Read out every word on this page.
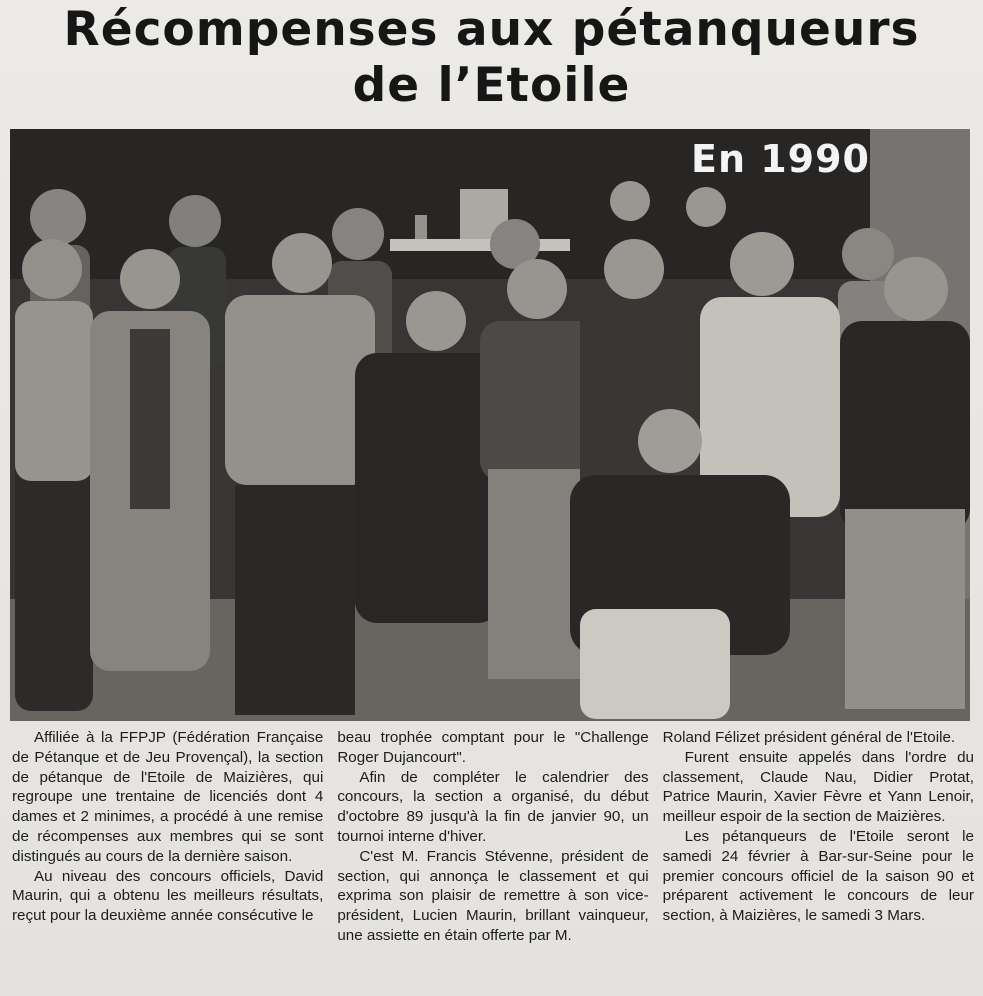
Récompenses aux pétanqueurs
de l’Etoile
En 1990

Affiliée à la FFPJP (Fédération Française de Pétanque et de Jeu Provençal), la section de pétanque de l'Etoile de Maizières, qui regroupe une trentaine de licenciés dont 4 dames et 2 minimes, a procédé à une remise de récompenses aux membres qui se sont distingués au cours de la dernière saison.

Au niveau des concours officiels, David Maurin, qui a obtenu les meilleurs résultats, reçut pour la deuxième année consécutive le

beau trophée comptant pour le "Challenge Roger Dujancourt".

Afin de compléter le calendrier des concours, la section a organisé, du début d'octobre 89 jusqu'à la fin de janvier 90, un tournoi interne d'hiver.

C'est M. Francis Stévenne, président de section, qui annonça le classement et qui exprima son plaisir de remettre à son vice-président, Lucien Maurin, brillant vainqueur, une assiette en étain offerte par M.

Roland Félizet président général de l'Etoile.

Furent ensuite appelés dans l'ordre du classement, Claude Nau, Didier Protat, Patrice Maurin, Xavier Fèvre et Yann Lenoir, meilleur espoir de la section de Maizières.

Les pétanqueurs de l'Etoile seront le samedi 24 février à Bar-sur-Seine pour le premier concours officiel de la saison 90 et préparent activement le concours de leur section, à Maizières, le samedi 3 Mars.
